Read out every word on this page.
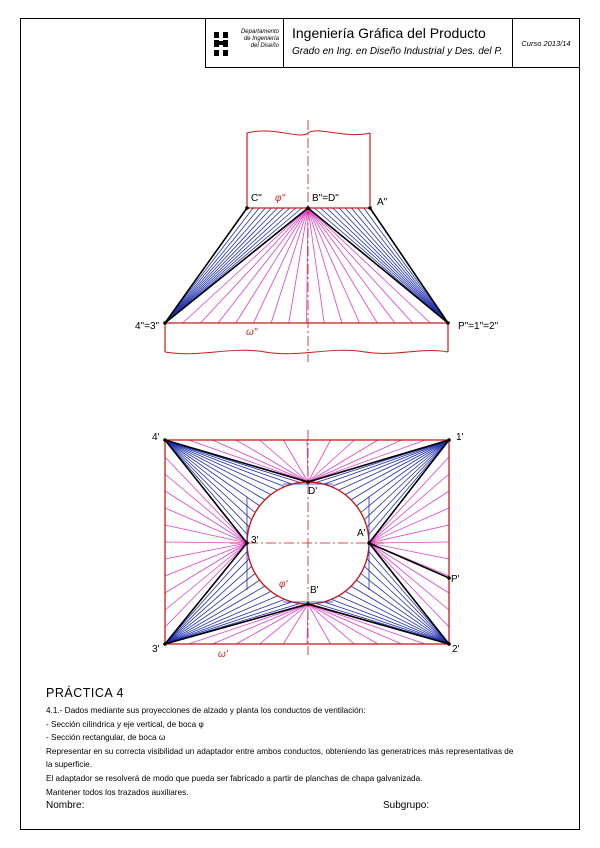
Departamento
de Ingeniería
del Diseño
Ingeniería Gráfica del Producto
Grado en Ing. en Diseño Industrial y Des. del P.
Curso 2013/14
C" φ"	B"=D"	A"
4"=3"	P"=1"=2"
ω"
4'	1'
3'	2'
D'
A'
3'
B'
P'
φ'
ω'
PRÁCTICA 4
4.1.- Dados mediante sus proyecciones de alzado y planta los conductos de ventilación:
- Sección cilíndrica y eje vertical, de boca φ
- Sección rectangular, de boca ω
Representar en su correcta visibilidad un adaptador entre ambos conductos, obteniendo las generatrices más representativas de
la superficie.
El adaptador se resolverá de modo que pueda ser fabricado a partir de planchas de chapa galvanizada.
Mantener todos los trazados auxiliares.
Nombre:	Subgrupo:
